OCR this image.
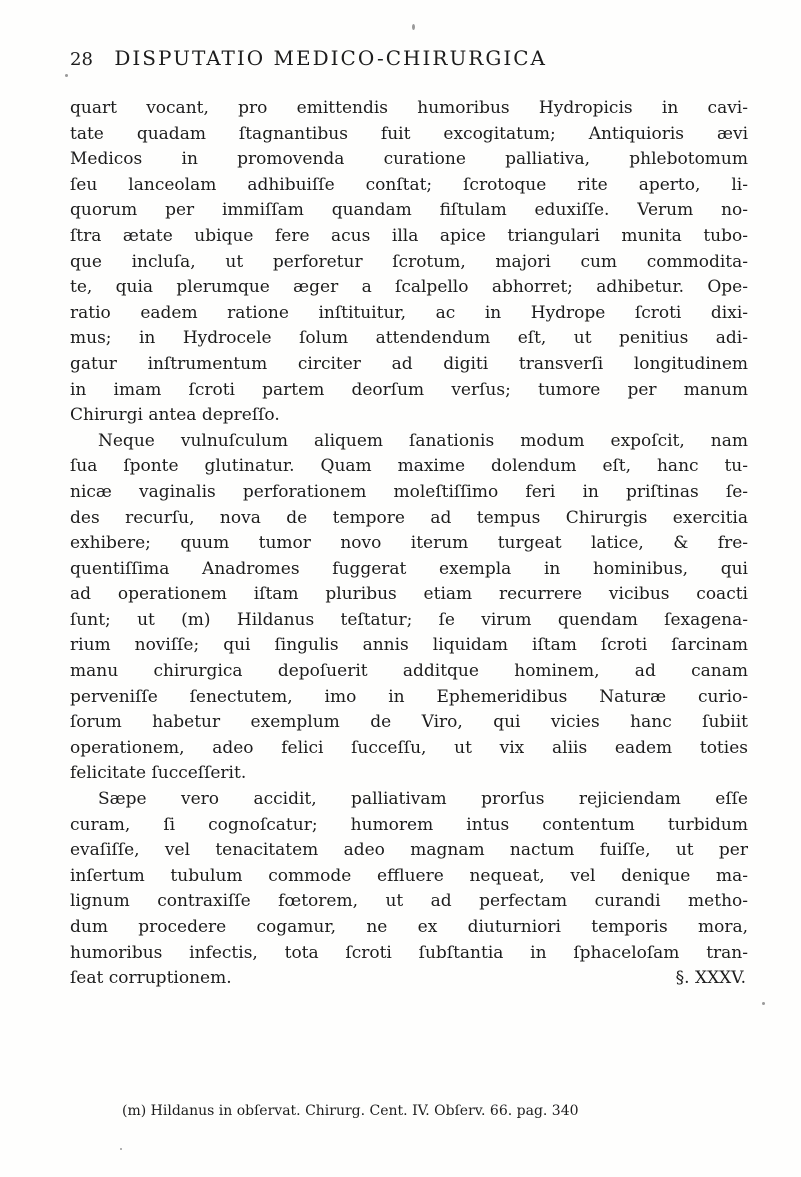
28 DISPUTATIO MEDICO-CHIRURGICA
quart vocant, pro emittendis humoribus Hydropicis in cavi-
tate quadam ſtagnantibus fuit excogitatum; Antiquioris ævi
Medicos in promovenda curatione palliativa, phlebotomum
ſeu lanceolam adhibuiſſe conſtat; ſcrotoque rite aperto, li-
quorum per immiſſam quandam fiſtulam eduxiſſe. Verum no-
ſtra ætate ubique fere acus illa apice triangulari munita tubo-
que incluſa, ut perforetur ſcrotum, majori cum commodita-
te, quia plerumque æger a ſcalpello abhorret; adhibetur. Ope-
ratio eadem ratione inſtituitur, ac in Hydrope ſcroti dixi-
mus; in Hydrocele ſolum attendendum eſt, ut penitius adi-
gatur inſtrumentum circiter ad digiti transverſi longitudinem
in imam ſcroti partem deorſum verſus; tumore per manum
Chirurgi antea depreſſo.
Neque vulnuſculum aliquem ſanationis modum expoſcit, nam
ſua ſponte glutinatur. Quam maxime dolendum eſt, hanc tu-
nicæ vaginalis perforationem moleſtiſſimo feri in priſtinas ſe-
des recurſu, nova de tempore ad tempus Chirurgis exercitia
exhibere; quum tumor novo iterum turgeat latice, & fre-
quentiſſima Anadromes fuggerat exempla in hominibus, qui
ad operationem iſtam pluribus etiam recurrere vicibus coacti
ſunt; ut (m) Hildanus teſtatur; ſe virum quendam ſexagena-
rium noviſſe; qui ſingulis annis liquidam iſtam ſcroti ſarcinam
manu chirurgica depoſuerit additque hominem, ad canam
perveniſſe ſenectutem, imo in Ephemeridibus Naturæ curio-
ſorum habetur exemplum de Viro, qui vicies hanc ſubiit
operationem, adeo felici ſucceſſu, ut vix aliis eadem toties
felicitate ſucceſſerit.
Sæpe vero accidit, palliativam prorſus rejiciendam eſſe
curam, ſi cognoſcatur; humorem intus contentum turbidum
evaſiſſe, vel tenacitatem adeo magnam nactum fuiſſe, ut per
inſertum tubulum commode effluere nequeat, vel denique ma-
lignum contraxiſſe fœtorem, ut ad perfectam curandi metho-
dum procedere cogamur, ne ex diuturniori temporis mora,
humoribus infectis, tota ſcroti ſubſtantia in ſphaceloſam tran-
ſeat corruptionem.	§. XXXV.
(m) Hildanus in obſervat. Chirurg. Cent. IV. Obſerv. 66. pag. 340
